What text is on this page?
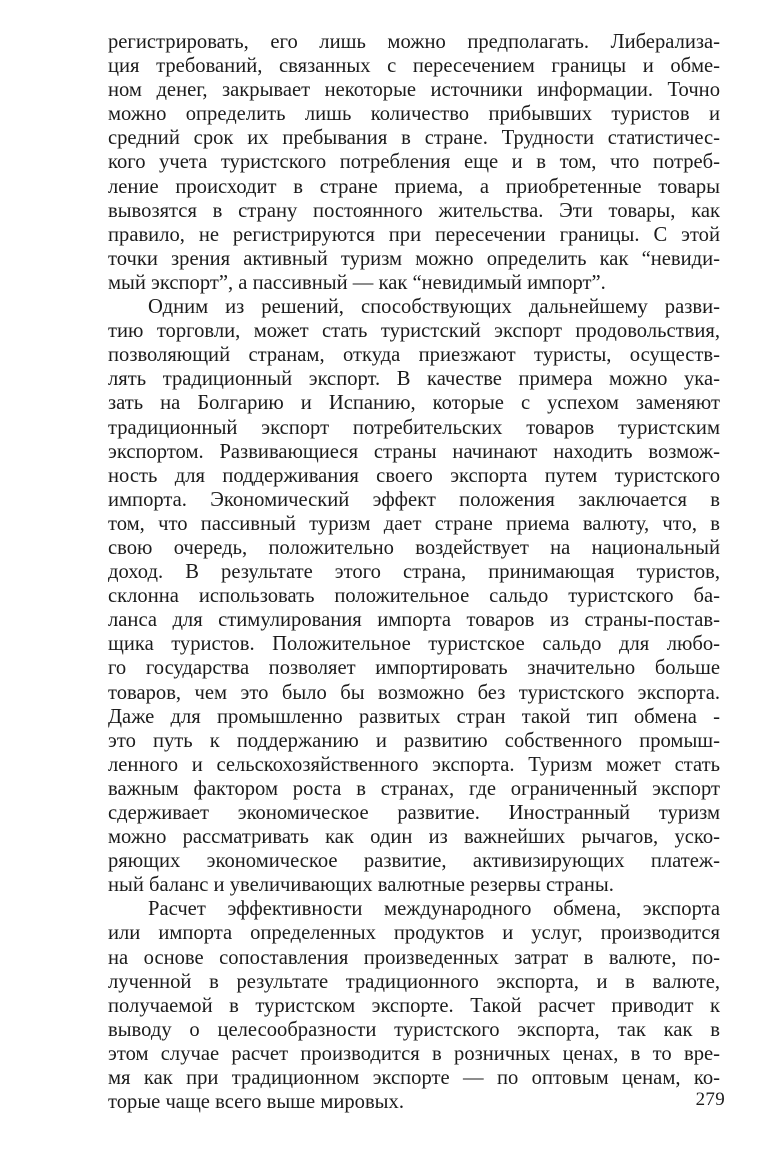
регистрировать, его лишь можно предполагать. Либерализа-
ция требований, связанных с пересечением границы и обме-
ном денег, закрывает некоторые источники информации. Точно
можно определить лишь количество прибывших туристов и
средний срок их пребывания в стране. Трудности статистичес-
кого учета туристского потребления еще и в том, что потреб-
ление происходит в стране приема, а приобретенные товары
вывозятся в страну постоянного жительства. Эти товары, как
правило, не регистрируются при пересечении границы. С этой
точки зрения активный туризм можно определить как “невиди-
мый экспорт”, а пассивный — как “невидимый импорт”.
Одним из решений, способствующих дальнейшему разви-
тию торговли, может стать туристский экспорт продовольствия,
позволяющий странам, откуда приезжают туристы, осуществ-
лять традиционный экспорт. В качестве примера можно ука-
зать на Болгарию и Испанию, которые с успехом заменяют
традиционный экспорт потребительских товаров туристским
экспортом. Развивающиеся страны начинают находить возмож-
ность для поддерживания своего экспорта путем туристского
импорта. Экономический эффект положения заключается в
том, что пассивный туризм дает стране приема валюту, что, в
свою очередь, положительно воздействует на национальный
доход. В результате этого страна, принимающая туристов,
склонна использовать положительное сальдо туристского ба-
ланса для стимулирования импорта товаров из страны-постав-
щика туристов. Положительное туристское сальдо для любо-
го государства позволяет импортировать значительно больше
товаров, чем это было бы возможно без туристского экспорта.
Даже для промышленно развитых стран такой тип обмена -
это путь к поддержанию и развитию собственного промыш-
ленного и сельскохозяйственного экспорта. Туризм может стать
важным фактором роста в странах, где ограниченный экспорт
сдерживает экономическое развитие. Иностранный туризм
можно рассматривать как один из важнейших рычагов, уско-
ряющих экономическое развитие, активизирующих платеж-
ный баланс и увеличивающих валютные резервы страны.
Расчет эффективности международного обмена, экспорта
или импорта определенных продуктов и услуг, производится
на основе сопоставления произведенных затрат в валюте, по-
лученной в результате традиционного экспорта, и в валюте,
получаемой в туристском экспорте. Такой расчет приводит к
выводу о целесообразности туристского экспорта, так как в
этом случае расчет производится в розничных ценах, в то вре-
мя как при традиционном экспорте — по оптовым ценам, ко-
торые чаще всего выше мировых.	279
